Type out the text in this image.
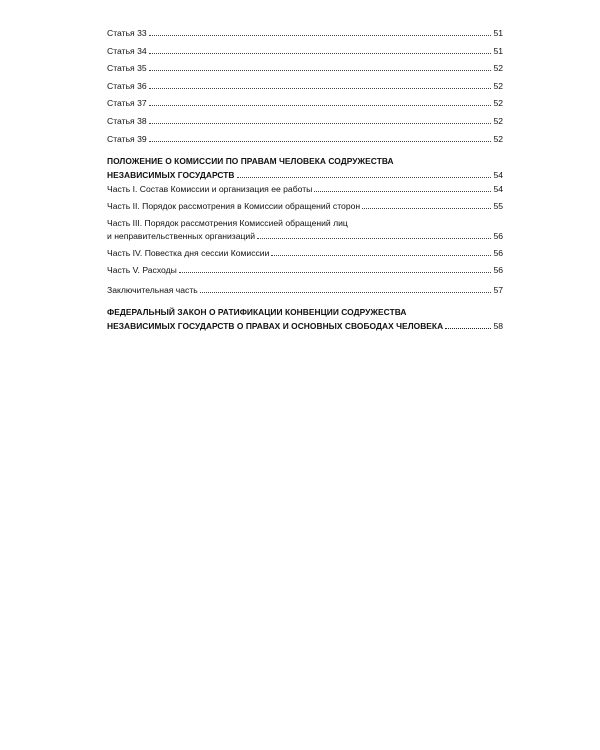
Статья 33	51
Статья 34	51
Статья 35	52
Статья 36	52
Статья 37	52
Статья 38	52
Статья 39	52
ПОЛОЖЕНИЕ О КОМИССИИ ПО ПРАВАМ ЧЕЛОВЕКА СОДРУЖЕСТВА
НЕЗАВИСИМЫХ ГОСУДАРСТВ	54
Часть I. Состав Комиссии и организация ее работы	54
Часть II. Порядок рассмотрения в Комиссии обращений сторон	55
Часть III. Порядок рассмотрения Комиссией обращений лиц
и неправительственных организаций	56
Часть IV. Повестка дня сессии Комиссии	56
Часть V. Расходы	56
Заключительная часть	57
ФЕДЕРАЛЬНЫЙ ЗАКОН О РАТИФИКАЦИИ КОНВЕНЦИИ СОДРУЖЕСТВА
НЕЗАВИСИМЫХ ГОСУДАРСТВ О ПРАВАХ И ОСНОВНЫХ СВОБОДАХ ЧЕЛОВЕКА	58
